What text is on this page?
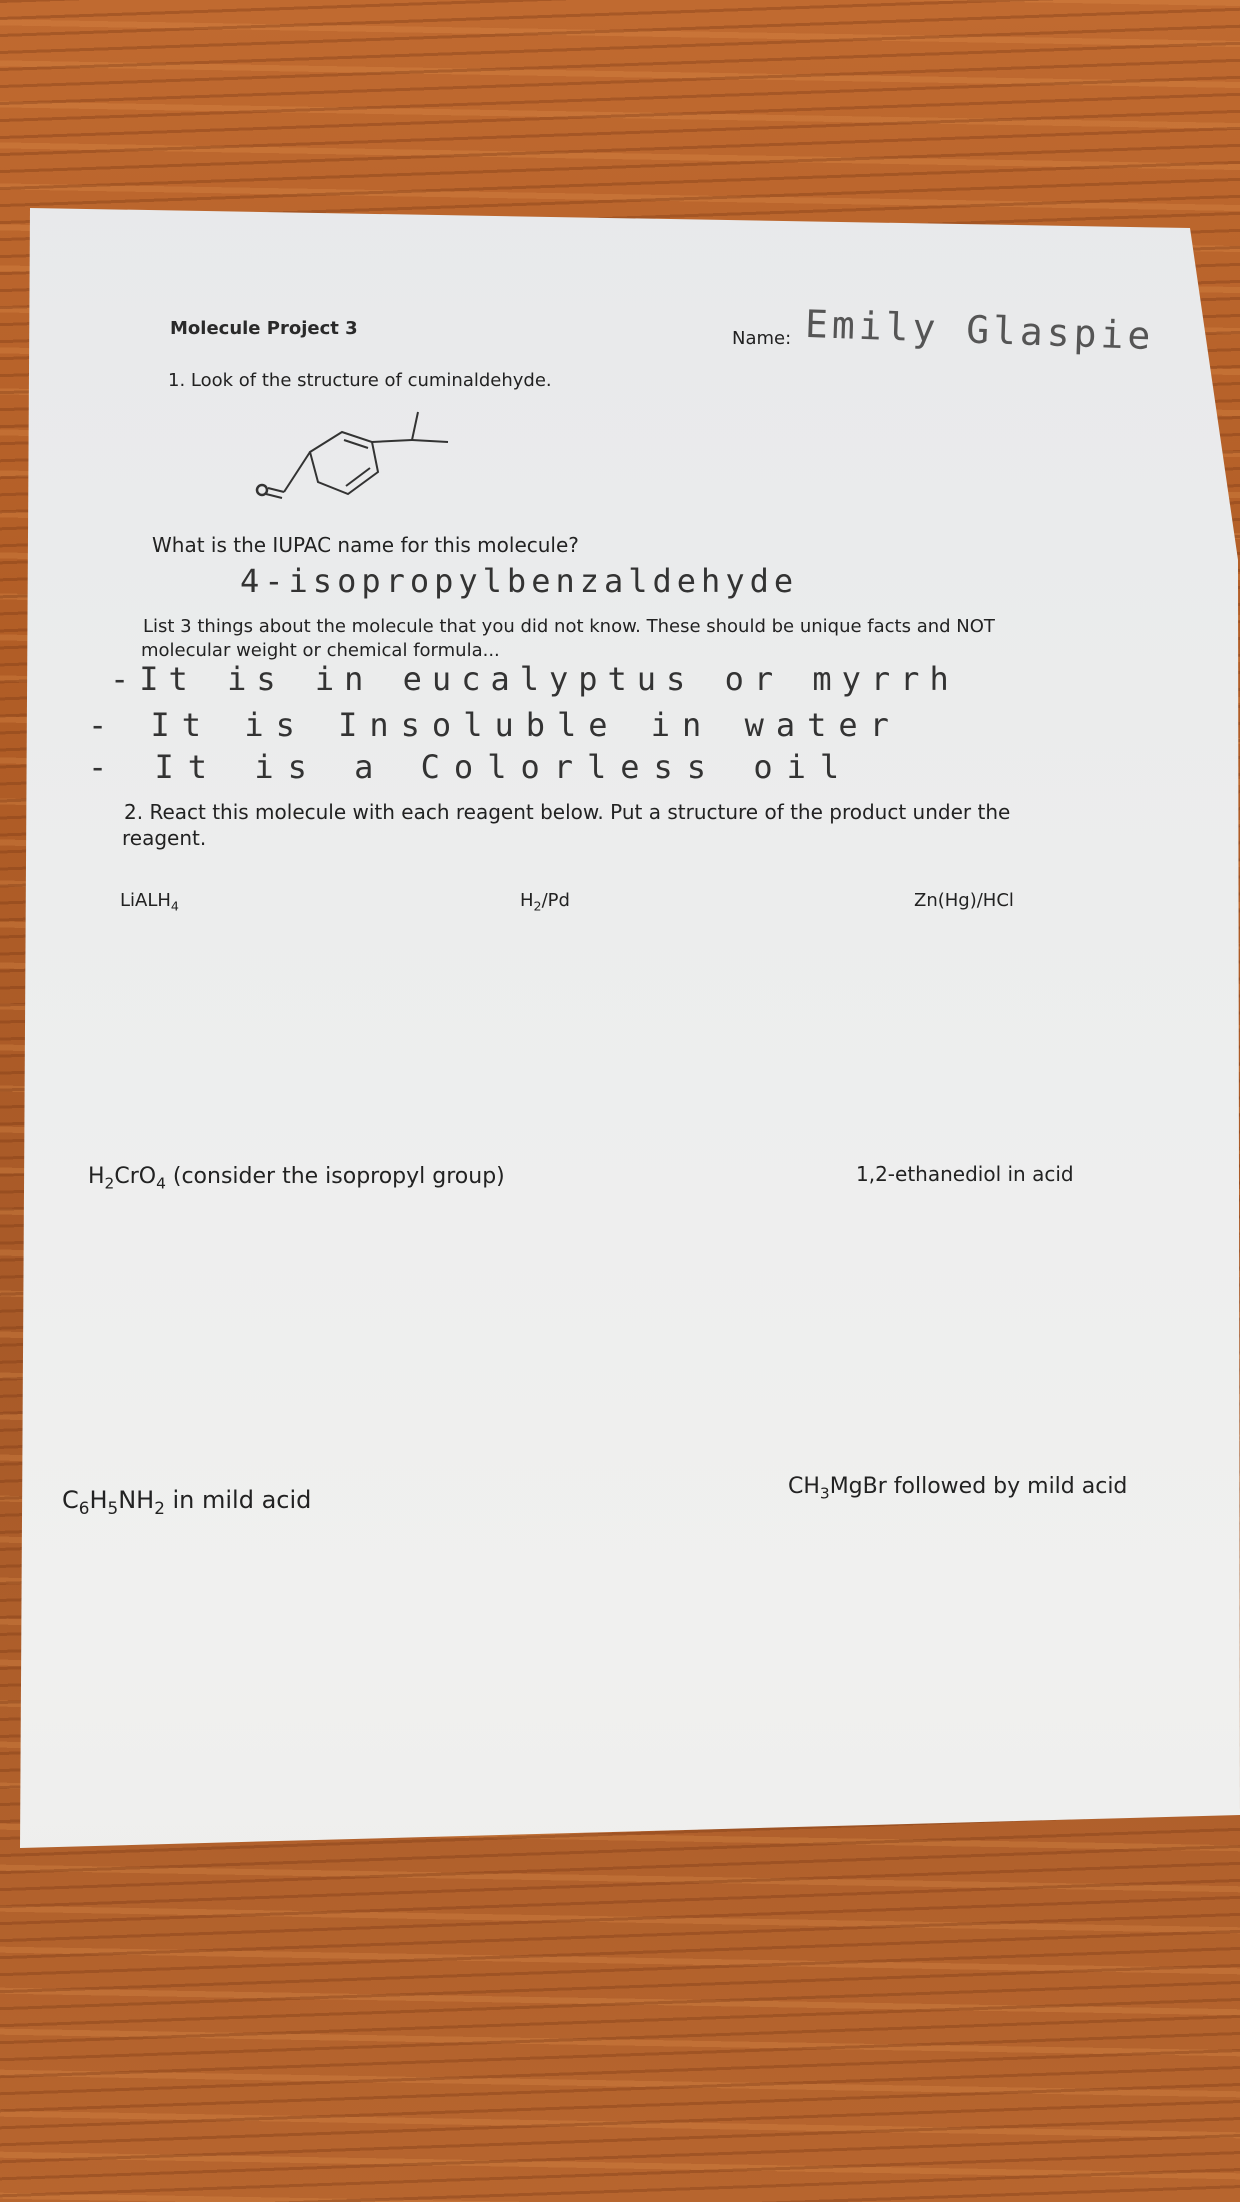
Molecule Project 3	Name: Emily Glaspie
1. Look of the structure of cuminaldehyde.
What is the IUPAC name for this molecule?
4-isopropylbenzaldehyde
List 3 things about the molecule that you did not know. These should be unique facts and NOT
molecular weight or chemical formula...
-It is in eucalyptus or myrrh
- It is Insoluble in water
- It is a Colorless oil
2. React this molecule with each reagent below. Put a structure of the product under the
reagent.
LiALH$_4$	$H_2/Pd$	Zn(Hg)/HCl
$H_2CrO_4$ (consider the isopropyl group)	1,2-ethanediol in acid
$C_6H_5NH_2$ in mild acid	$CH_3MgBr$ followed by mild acid
